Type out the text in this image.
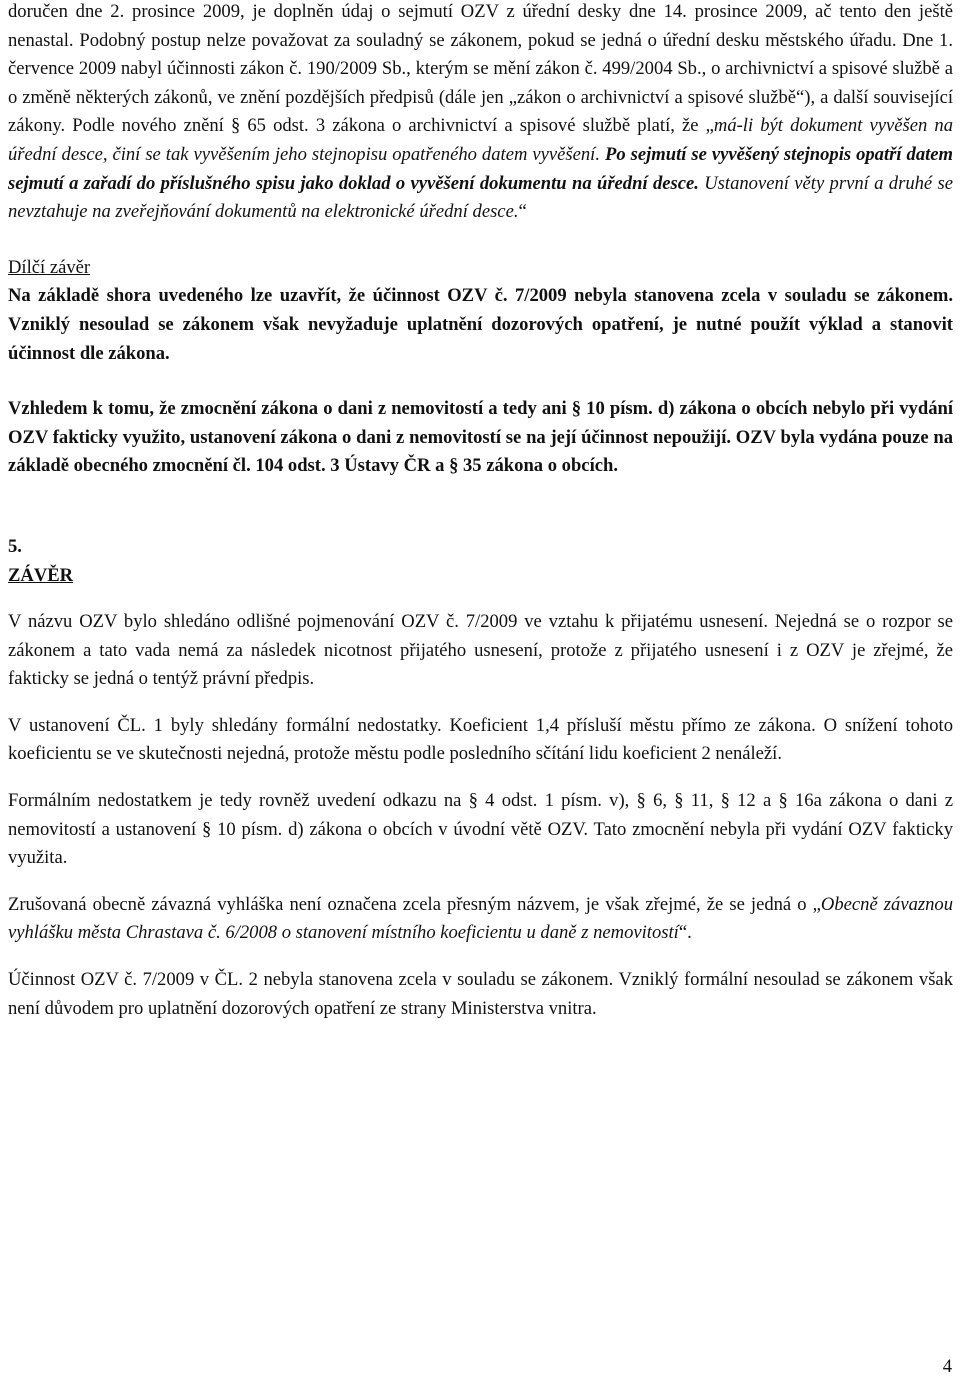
doručen dne 2. prosince 2009, je doplněn údaj o sejmutí OZV z úřední desky dne 14. prosince 2009, ač tento den ještě nenastal. Podobný postup nelze považovat za souladný se zákonem, pokud se jedná o úřední desku městského úřadu. Dne 1. července 2009 nabyl účinnosti zákon č. 190/2009 Sb., kterým se mění zákon č. 499/2004 Sb., o archivnictví a spisové službě a o změně některých zákonů, ve znění pozdějších předpisů (dále jen „zákon o archivnictví a spisové službě“), a další související zákony. Podle nového znění § 65 odst. 3 zákona o archivnictví a spisové službě platí, že „má-li být dokument vyvěšen na úřední desce, činí se tak vyvěšením jeho stejnopisu opatřeného datem vyvěšení. Po sejmutí se vyvěšený stejnopis opatří datem sejmutí a zařadí do příslušného spisu jako doklad o vyvěšení dokumentu na úřední desce. Ustanovení věty první a druhé se nevztahuje na zveřejňování dokumentů na elektronické úřední desce.“

Dílčí závěr

Na základě shora uvedeného lze uzavřít, že účinnost OZV č. 7/2009 nebyla stanovena zcela v souladu se zákonem. Vzniklý nesoulad se zákonem však nevyžaduje uplatnění dozorových opatření, je nutné použít výklad a stanovit účinnost dle zákona.

Vzhledem k tomu, že zmocnění zákona o dani z nemovitostí a tedy ani § 10 písm. d) zákona o obcích nebylo při vydání OZV fakticky využito, ustanovení zákona o dani z nemovitostí se na její účinnost nepoužijí. OZV byla vydána pouze na základě obecného zmocnění čl. 104 odst. 3 Ústavy ČR a § 35 zákona o obcích.

5.

ZÁVĚR

V názvu OZV bylo shledáno odlišné pojmenování OZV č. 7/2009 ve vztahu k přijatému usnesení. Nejedná se o rozpor se zákonem a tato vada nemá za následek nicotnost přijatého usnesení, protože z přijatého usnesení i z OZV je zřejmé, že fakticky se jedná o tentýž právní předpis.

V ustanovení ČL. 1 byly shledány formální nedostatky. Koeficient 1,4 přísluší městu přímo ze zákona. O snížení tohoto koeficientu se ve skutečnosti nejedná, protože městu podle posledního sčítání lidu koeficient 2 nenáleží.

Formálním nedostatkem je tedy rovněž uvedení odkazu na § 4 odst. 1 písm. v), § 6, § 11, § 12 a § 16a zákona o dani z nemovitostí a ustanovení § 10 písm. d) zákona o obcích v úvodní větě OZV. Tato zmocnění nebyla při vydání OZV fakticky využita.

Zrušovaná obecně závazná vyhláška není označena zcela přesným názvem, je však zřejmé, že se jedná o „Obecně závaznou vyhlášku města Chrastava č. 6/2008 o stanovení místního koeficientu u daně z nemovitostí“.

Účinnost OZV č. 7/2009 v ČL. 2 nebyla stanovena zcela v souladu se zákonem. Vzniklý formální nesoulad se zákonem však není důvodem pro uplatnění dozorových opatření ze strany Ministerstva vnitra.

4
